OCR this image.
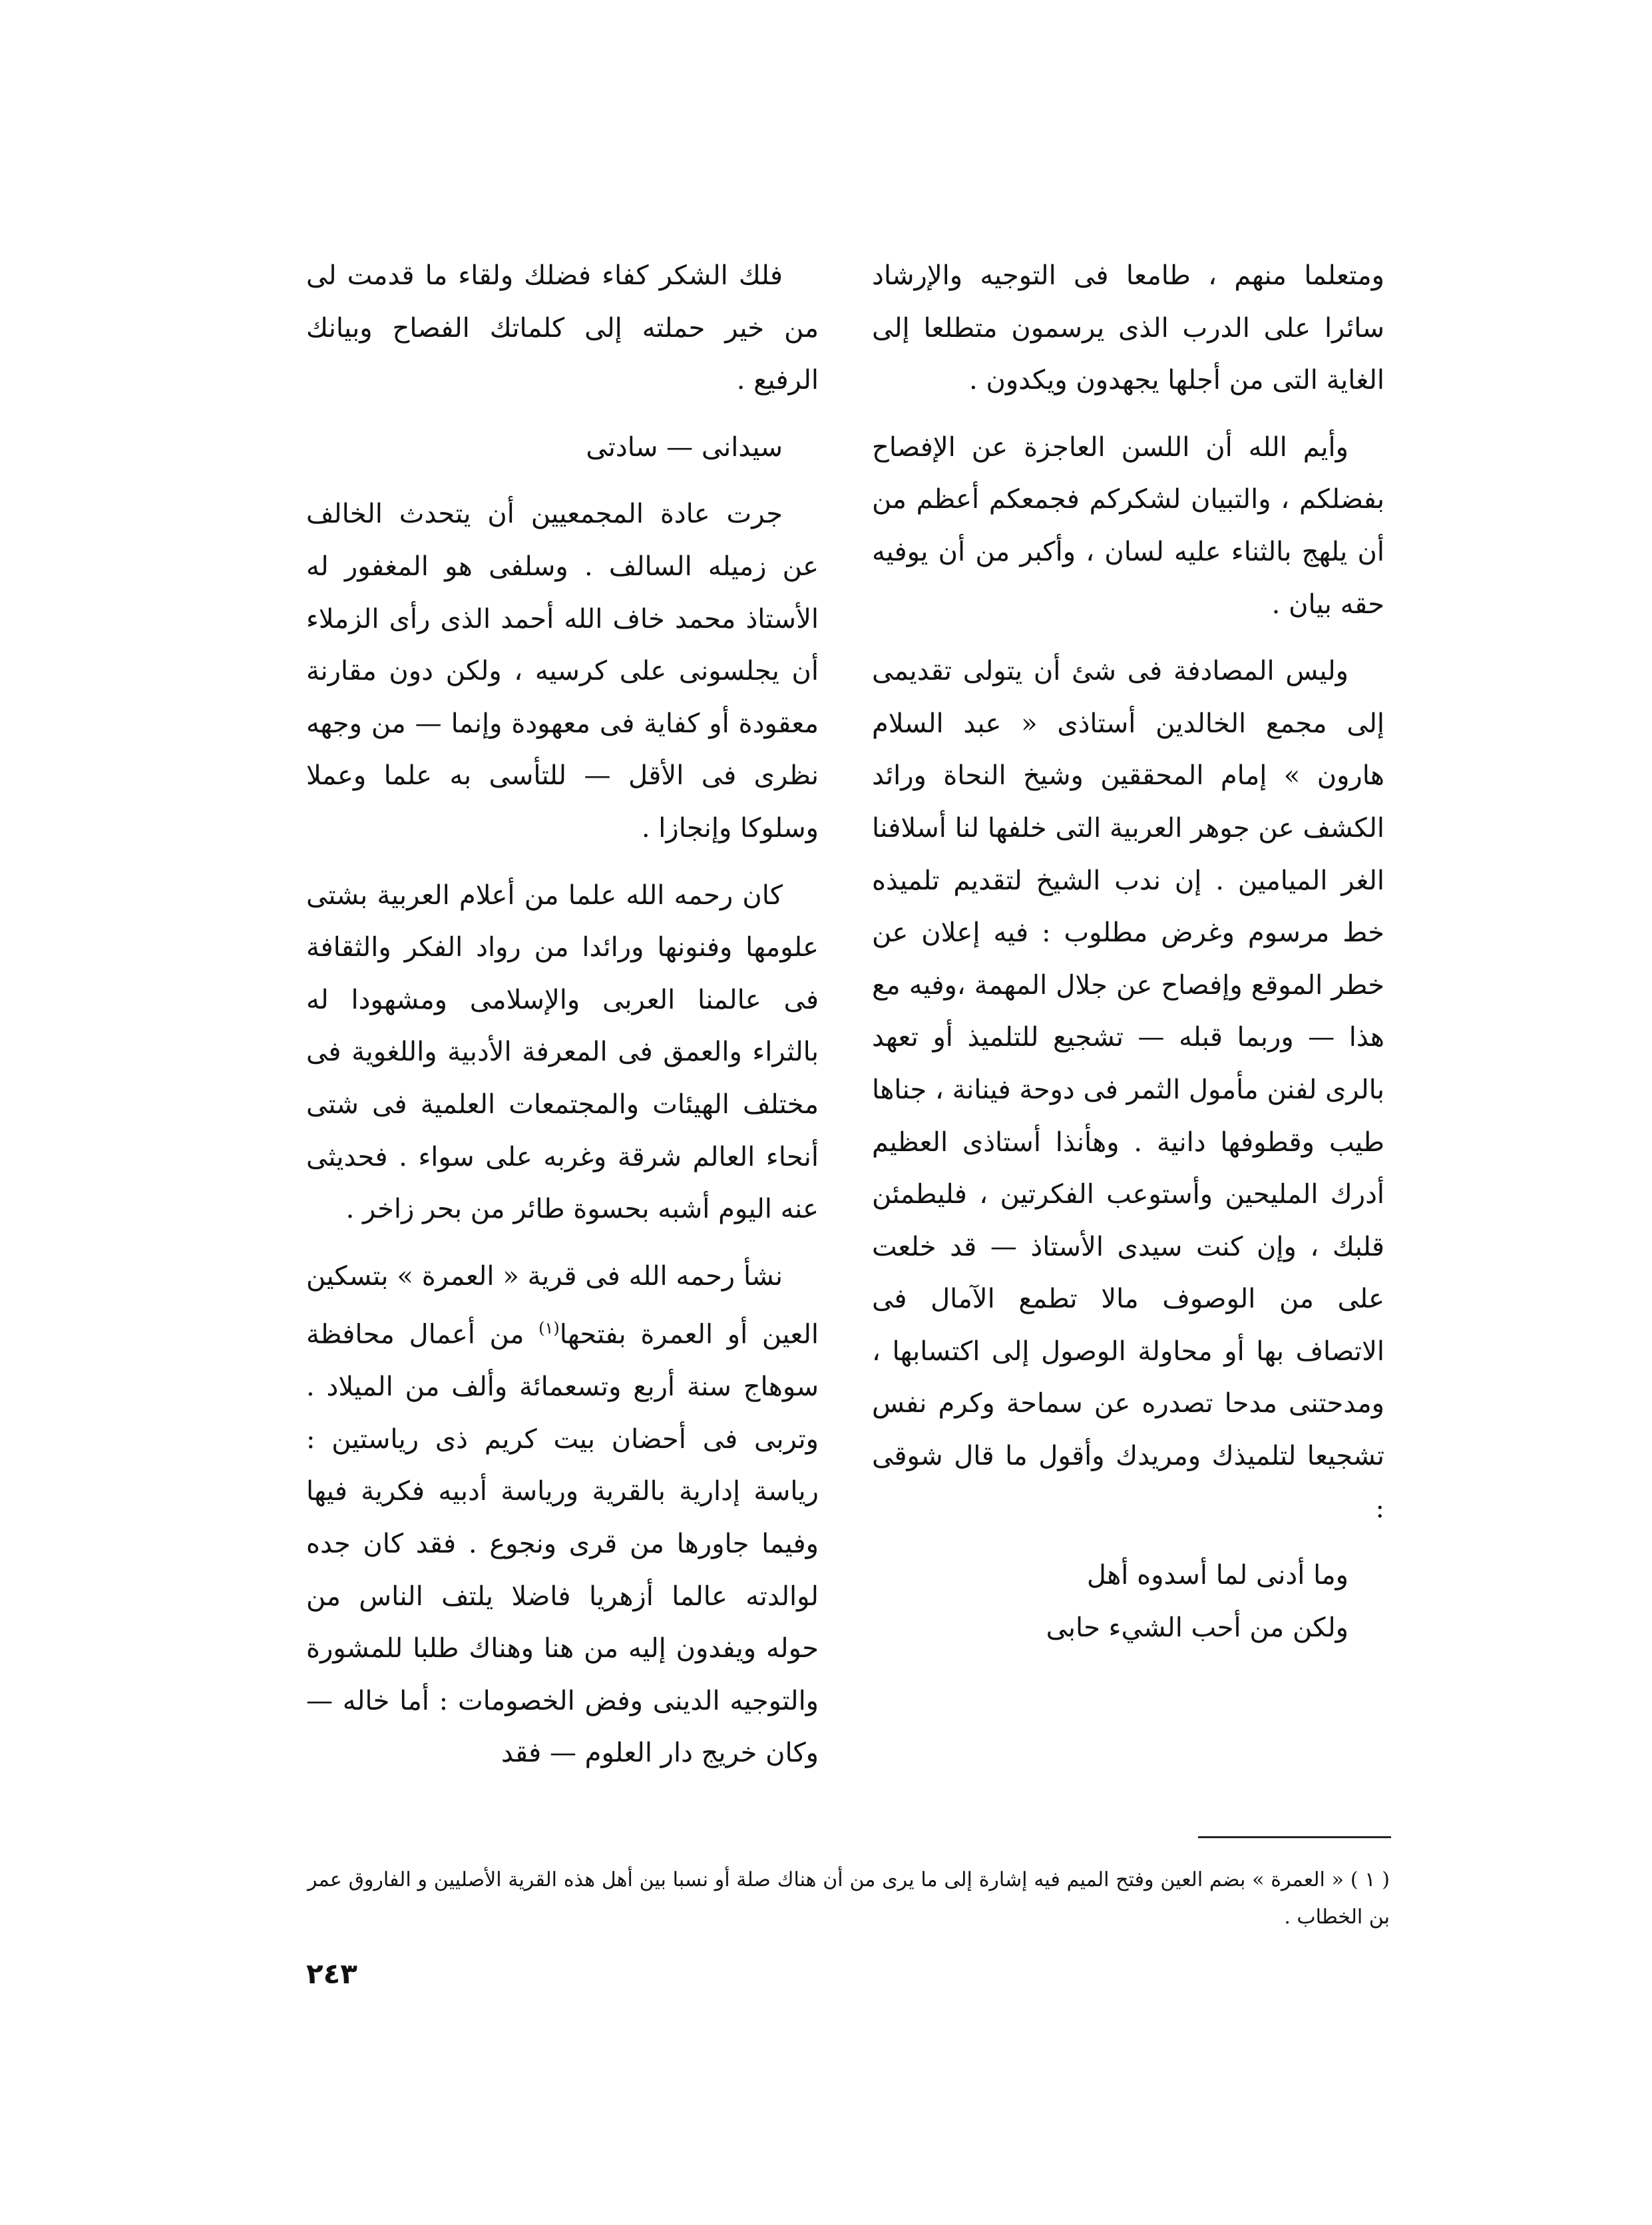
ومتعلما منهم ، طامعا فى التوجيه والإرشاد سائرا على الدرب الذى يرسمون متطلعا إلى الغاية التى من أجلها يجهدون ويكدون .

وأيم الله أن اللسن العاجزة عن الإفصاح بفضلكم ، والتبيان لشكركم فجمعكم أعظم من أن يلهج بالثناء عليه لسان ، وأكبر من أن يوفيه حقه بيان .

وليس المصادفة فى شئ أن يتولى تقديمى إلى مجمع الخالدين أستاذى « عبد السلام هارون » إمام المحققين وشيخ النحاة ورائد الكشف عن جوهر العربية التى خلفها لنا أسلافنا الغر الميامين . إن ندب الشيخ لتقديم تلميذه خط مرسوم وغرض مطلوب : فيه إعلان عن خطر الموقع وإفصاح عن جلال المهمة ،وفيه مع هذا — وربما قبله — تشجيع للتلميذ أو تعهد بالرى لفنن مأمول الثمر فى دوحة فينانة ، جناها طيب وقطوفها دانية . وهأنذا أستاذى العظيم أدرك المليحين وأستوعب الفكرتين ، فليطمئن قلبك ، وإن كنت سيدى الأستاذ — قد خلعت على من الوصوف مالا تطمع الآمال فى الاتصاف بها أو محاولة الوصول إلى اكتسابها ، ومدحتنى مدحا تصدره عن سماحة وكرم نفس تشجيعا لتلميذك ومريدك وأقول ما قال شوقى :

وما أدنى لما أسدوه أهل

ولكن من أحب الشيء حابى

فلك الشكر كفاء فضلك ولقاء ما قدمت لى من خير حملته إلى كلماتك الفصاح وبيانك الرفيع .

سيدانى — سادتى

جرت عادة المجمعيين أن يتحدث الخالف عن زميله السالف . وسلفى هو المغفور له الأستاذ محمد خاف الله أحمد الذى رأى الزملاء أن يجلسونى على كرسيه ، ولكن دون مقارنة معقودة أو كفاية فى معهودة وإنما — من وجهه نظرى فى الأقل — للتأسى به علما وعملا وسلوكا وإنجازا .

كان رحمه الله علما من أعلام العربية بشتى علومها وفنونها ورائدا من رواد الفكر والثقافة فى عالمنا العربى والإسلامى ومشهودا له بالثراء والعمق فى المعرفة الأدبية واللغوية فى مختلف الهيئات والمجتمعات العلمية فى شتى أنحاء العالم شرقة وغربه على سواء . فحديثى عنه اليوم أشبه بحسوة طائر من بحر زاخر .

نشأ رحمه الله فى قرية « العمرة » بتسكين العين أو العمرة بفتحها$^{(١)}$ من أعمال محافظة سوهاج سنة أربع وتسعمائة وألف من الميلاد . وتربى فى أحضان بيت كريم ذى رياستين : رياسة إدارية بالقرية ورياسة أدبيه فكرية فيها وفيما جاورها من قرى ونجوع . فقد كان جده لوالدته عالما أزهريا فاضلا يلتف الناس من حوله ويفدون إليه من هنا وهناك طلبا للمشورة والتوجيه الدينى وفض الخصومات : أما خاله — وكان خريج دار العلوم — فقد

( ١ ) « العمرة » بضم العين وفتح الميم فيه إشارة إلى ما يرى من أن هناك صلة أو نسبا بين أهل هذه القرية الأصليين و الفاروق عمر بن الخطاب .
٢٤٣
